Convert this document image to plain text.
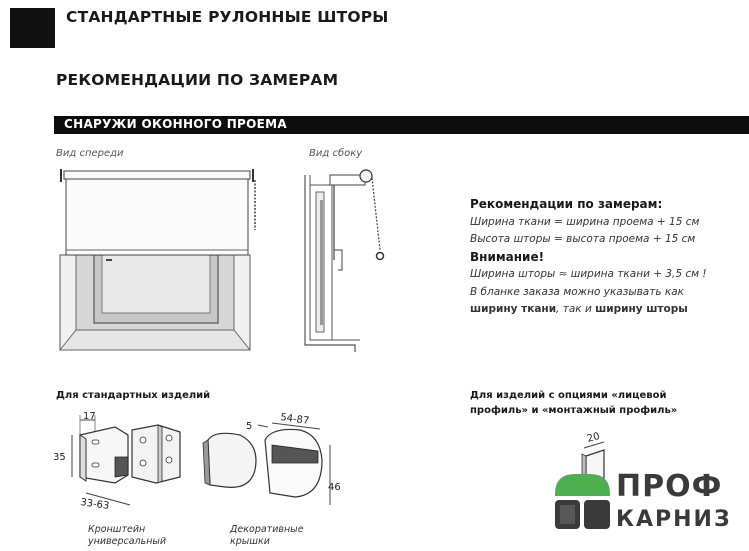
СТАНДАРТНЫЕ РУЛОННЫЕ ШТОРЫ
РЕКОМЕНДАЦИИ ПО ЗАМЕРАМ
СНАРУЖИ ОКОННОГО ПРОЕМА
Вид спереди	Вид сбоку
Рекомендации по замерам:
Ширина ткани = ширина проема + 15 см
Высота шторы = высота проема + 15 см
Внимание!
Ширина шторы ≈ ширина ткани + 3,5 см !
В бланке заказа можно указывать как
ширину ткани, так и ширину шторы
Для стандартных изделий
17
35
33-63
5	54-87
46
Кронштейн
универсальный
Декоративные
крышки
Для изделий с опциями «лицевой
профиль» и «монтажный профиль»
20
ПРОФ
КАРНИЗ
